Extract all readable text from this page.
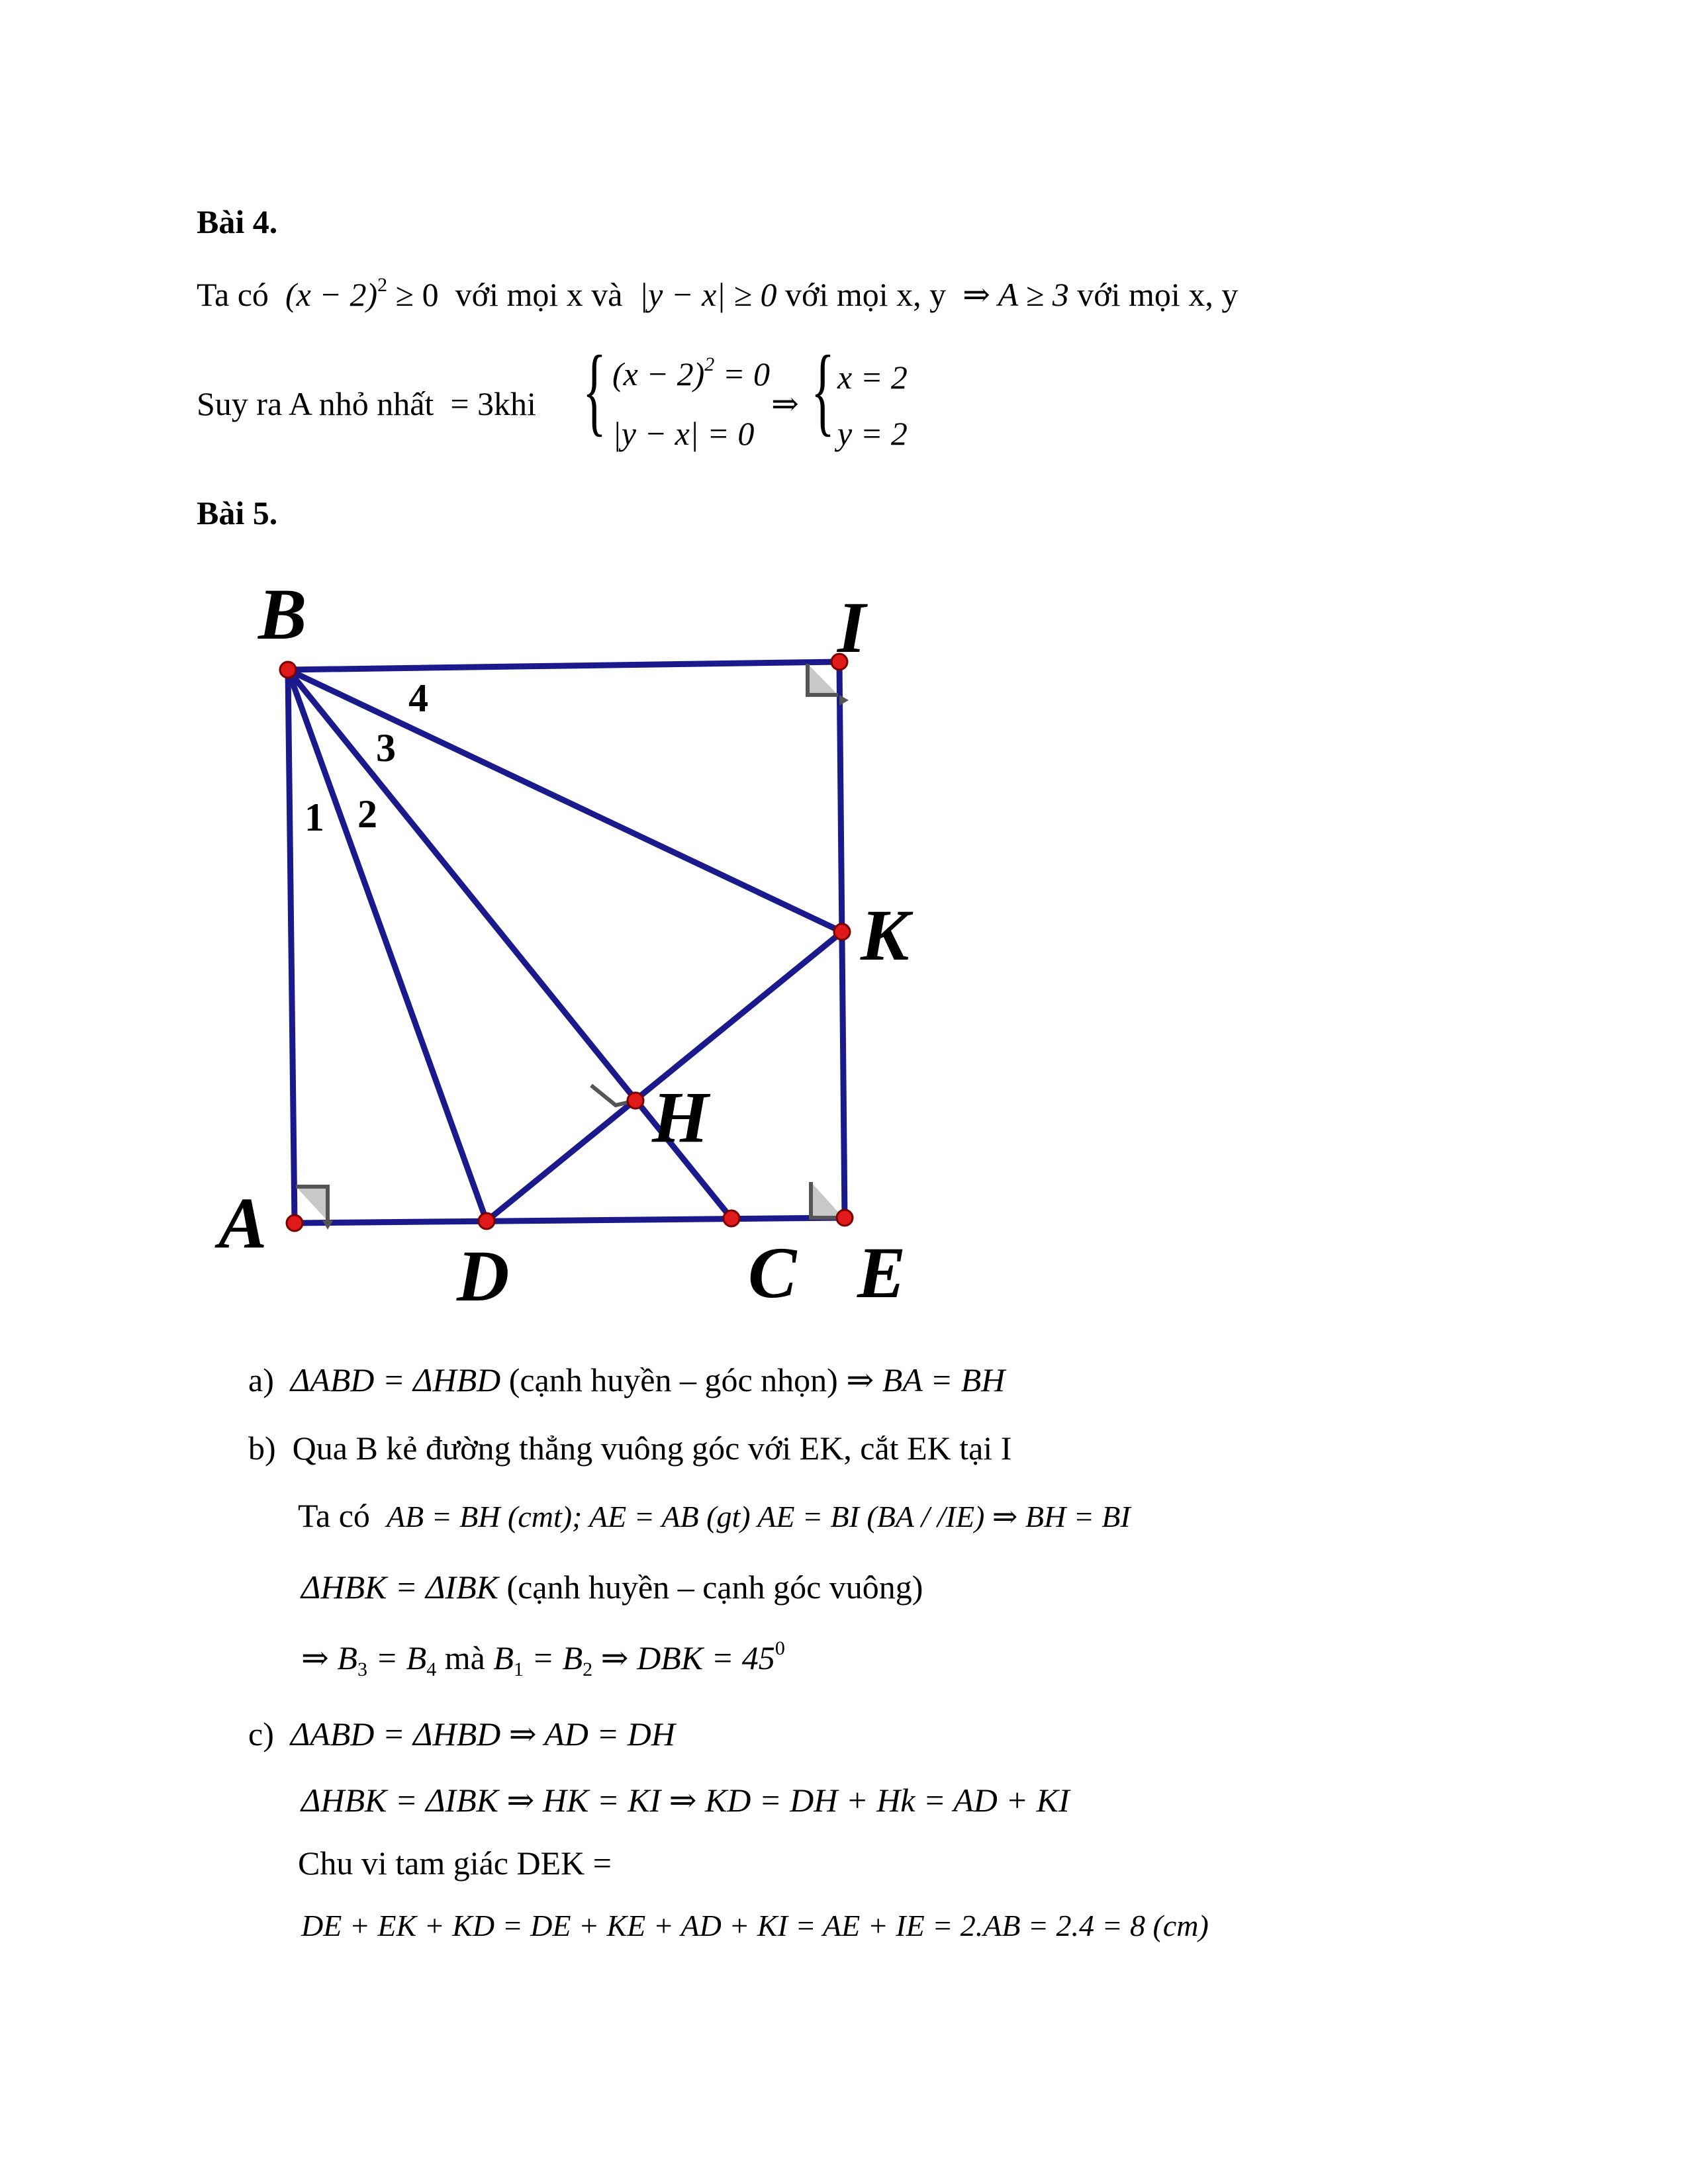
Bài 4.
Ta có $(x - 2)^2 \ge 0$ với mọi x và |y − x| ≥ 0 với mọi x, y ⇒ A ≥ 3 với mọi x, y
Suy ra A nhỏ nhất = 3khi { $(x - 2)^2 = 0$
|y − x| = 0
⇒ { x = 2
y = 2
Bài 5.
B	I
K
H
A
D	C E
1 2
3
4
a) ΔABD = ΔHBD (cạnh huyền – góc nhọn) ⇒ BA = BH
b) Qua B kẻ đường thẳng vuông góc với EK, cắt EK tại I
Ta có AB = BH (cmt); AE = AB (gt) AE = BI (BA / /IE) ⇒ BH = BI
ΔHBK = ΔIBK (cạnh huyền – cạnh góc vuông)
⇒ $B_3 = B_4$ mà $B_1 = B_2$ ⇒ DBK = $45^0$
c) ΔABD = ΔHBD ⇒ AD = DH
ΔHBK = ΔIBK ⇒ HK = KI ⇒ KD = DH + Hk = AD + KI
Chu vi tam giác DEK =
DE + EK + KD = DE + KE + AD + KI = AE + IE = 2.AB = 2.4 = 8 (cm)
